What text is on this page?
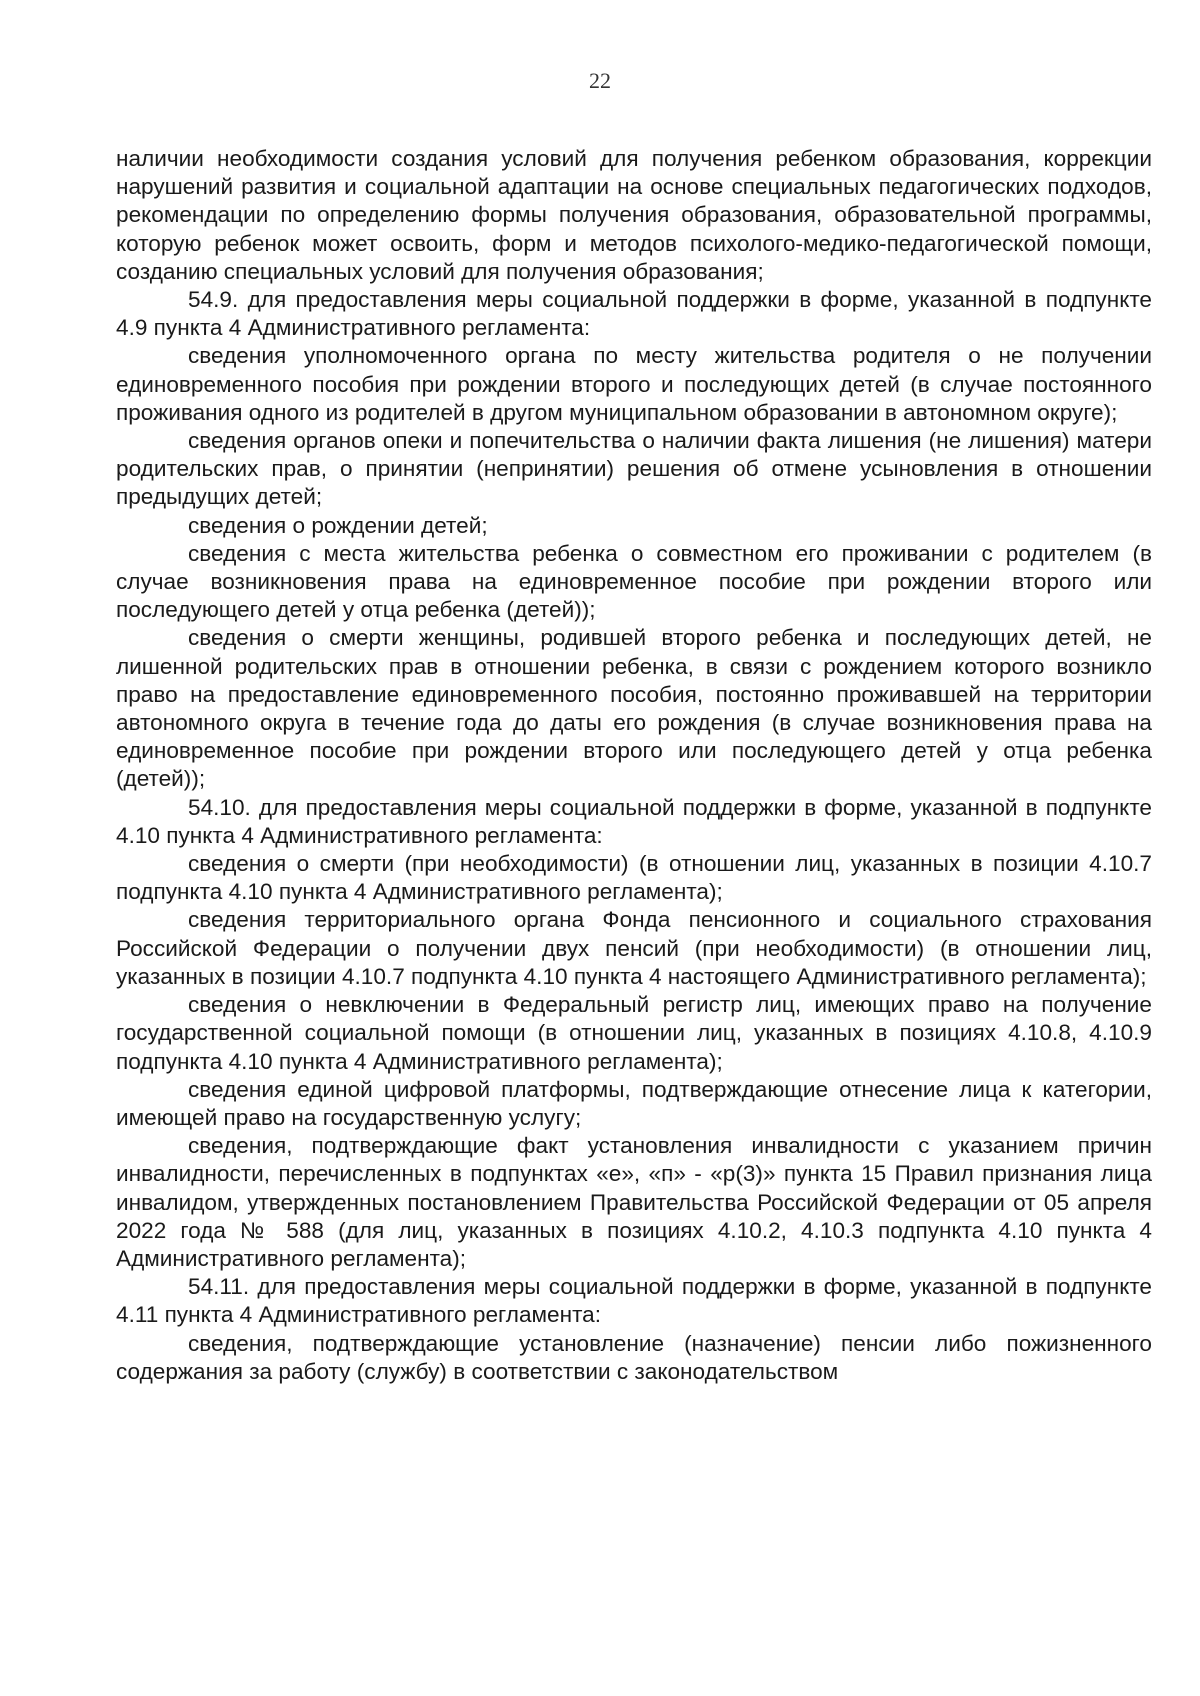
22

наличии необходимости создания условий для получения ребенком образования, коррекции нарушений развития и социальной адаптации на основе специальных педагогических подходов, рекомендации по определению формы получения образования, образовательной программы, которую ребенок может освоить, форм и методов психолого-медико-педагогической помощи, созданию специальных условий для получения образования;

54.9. для предоставления меры социальной поддержки в форме, указанной в подпункте 4.9 пункта 4 Административного регламента:

сведения уполномоченного органа по месту жительства родителя о не получении единовременного пособия при рождении второго и последующих детей (в случае постоянного проживания одного из родителей в другом муниципальном образовании в автономном округе);

сведения органов опеки и попечительства о наличии факта лишения (не лишения) матери родительских прав, о принятии (непринятии) решения об отмене усыновления в отношении предыдущих детей;

сведения о рождении детей;

сведения с места жительства ребенка о совместном его проживании с родителем (в случае возникновения права на единовременное пособие при рождении второго или последующего детей у отца ребенка (детей));

сведения о смерти женщины, родившей второго ребенка и последующих детей, не лишенной родительских прав в отношении ребенка, в связи с рождением которого возникло право на предоставление единовременного пособия, постоянно проживавшей на территории автономного округа в течение года до даты его рождения (в случае возникновения права на единовременное пособие при рождении второго или последующего детей у отца ребенка (детей));

54.10. для предоставления меры социальной поддержки в форме, указанной в подпункте 4.10 пункта 4 Административного регламента:

сведения о смерти (при необходимости) (в отношении лиц, указанных в позиции 4.10.7 подпункта 4.10 пункта 4 Административного регламента);

сведения территориального органа Фонда пенсионного и социального страхования Российской Федерации о получении двух пенсий (при необходимости) (в отношении лиц, указанных в позиции 4.10.7 подпункта 4.10 пункта 4 настоящего Административного регламента);

сведения о невключении в Федеральный регистр лиц, имеющих право на получение государственной социальной помощи (в отношении лиц, указанных в позициях 4.10.8, 4.10.9 подпункта 4.10 пункта 4 Административного регламента);

сведения единой цифровой платформы, подтверждающие отнесение лица к категории, имеющей право на государственную услугу;

сведения, подтверждающие факт установления инвалидности с указанием причин инвалидности, перечисленных в подпунктах «е», «п» - «р(3)» пункта 15 Правил признания лица инвалидом, утвержденных постановлением Правительства Российской Федерации от 05 апреля 2022 года № 588 (для лиц, указанных в позициях 4.10.2, 4.10.3 подпункта 4.10 пункта 4 Административного регламента);

54.11. для предоставления меры социальной поддержки в форме, указанной в подпункте 4.11 пункта 4 Административного регламента:

сведения, подтверждающие установление (назначение) пенсии либо пожизненного содержания за работу (службу) в соответствии с законодательством
